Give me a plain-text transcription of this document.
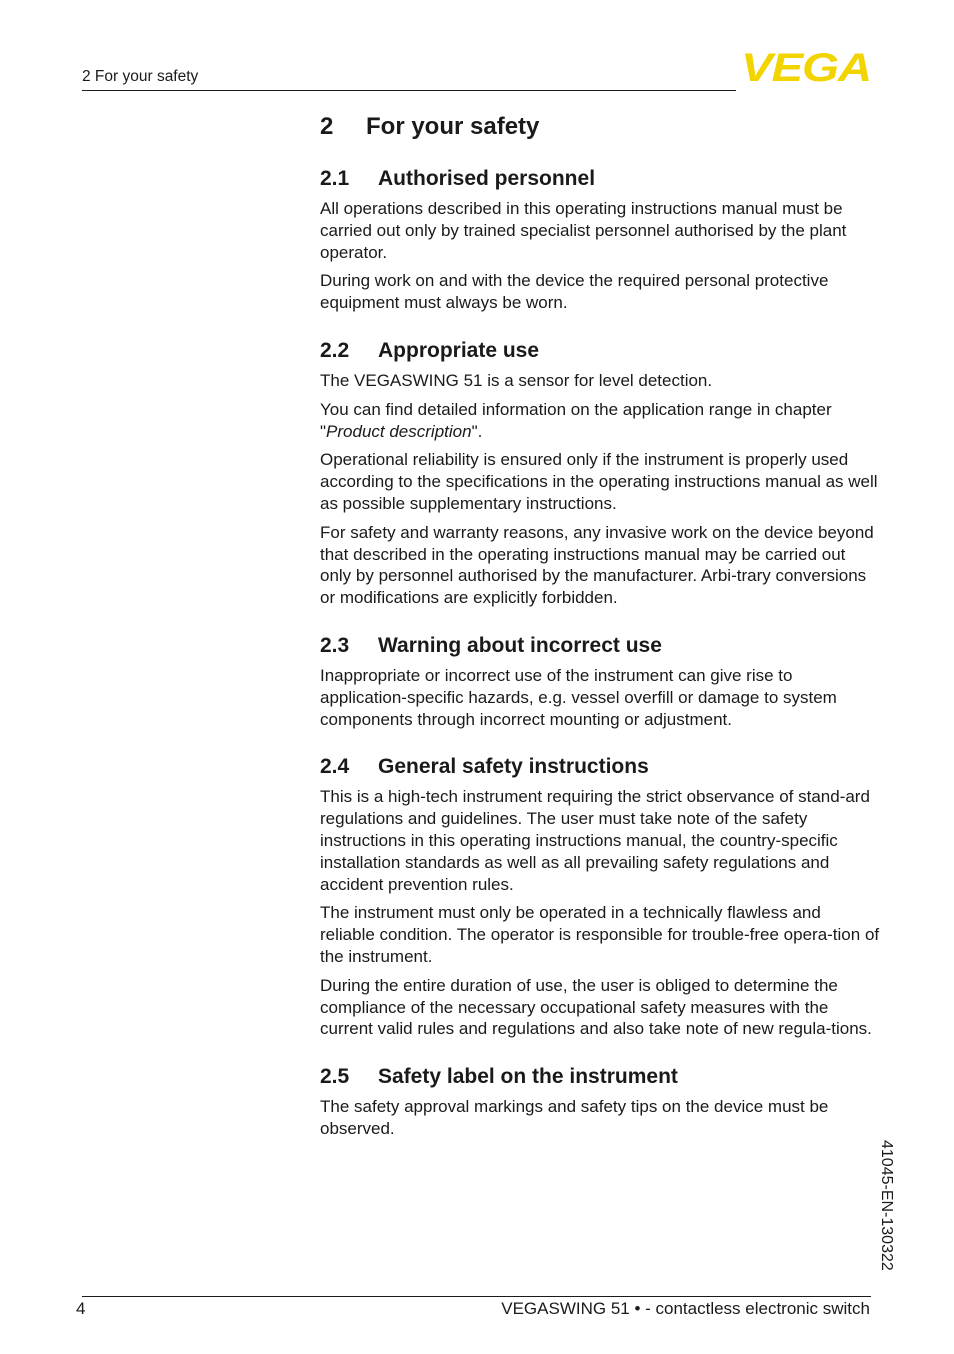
2 For your safety	VEGA
2 For your safety
2.1 Authorised personnel

All operations described in this operating instructions manual must be carried out only by trained specialist personnel authorised by the plant operator.

During work on and with the device the required personal protective equipment must always be worn.

2.2 Appropriate use

The VEGASWING 51 is a sensor for level detection.

You can find detailed information on the application range in chapter "Product description".

Operational reliability is ensured only if the instrument is properly used according to the specifications in the operating instructions manual as well as possible supplementary instructions.

For safety and warranty reasons, any invasive work on the device beyond that described in the operating instructions manual may be carried out only by personnel authorised by the manufacturer. Arbi-trary conversions or modifications are explicitly forbidden.

2.3 Warning about incorrect use

Inappropriate or incorrect use of the instrument can give rise to application-specific hazards, e.g. vessel overfill or damage to system components through incorrect mounting or adjustment.

2.4 General safety instructions

This is a high-tech instrument requiring the strict observance of stand-ard regulations and guidelines. The user must take note of the safety instructions in this operating instructions manual, the country-specific installation standards as well as all prevailing safety regulations and accident prevention rules.

The instrument must only be operated in a technically flawless and reliable condition. The operator is responsible for trouble-free opera-tion of the instrument.

During the entire duration of use, the user is obliged to determine the compliance of the necessary occupational safety measures with the current valid rules and regulations and also take note of new regula-tions.

2.5 Safety label on the instrument

The safety approval markings and safety tips on the device must be observed.

41045-EN-130322
4	VEGASWING 51 • - contactless electronic switch
